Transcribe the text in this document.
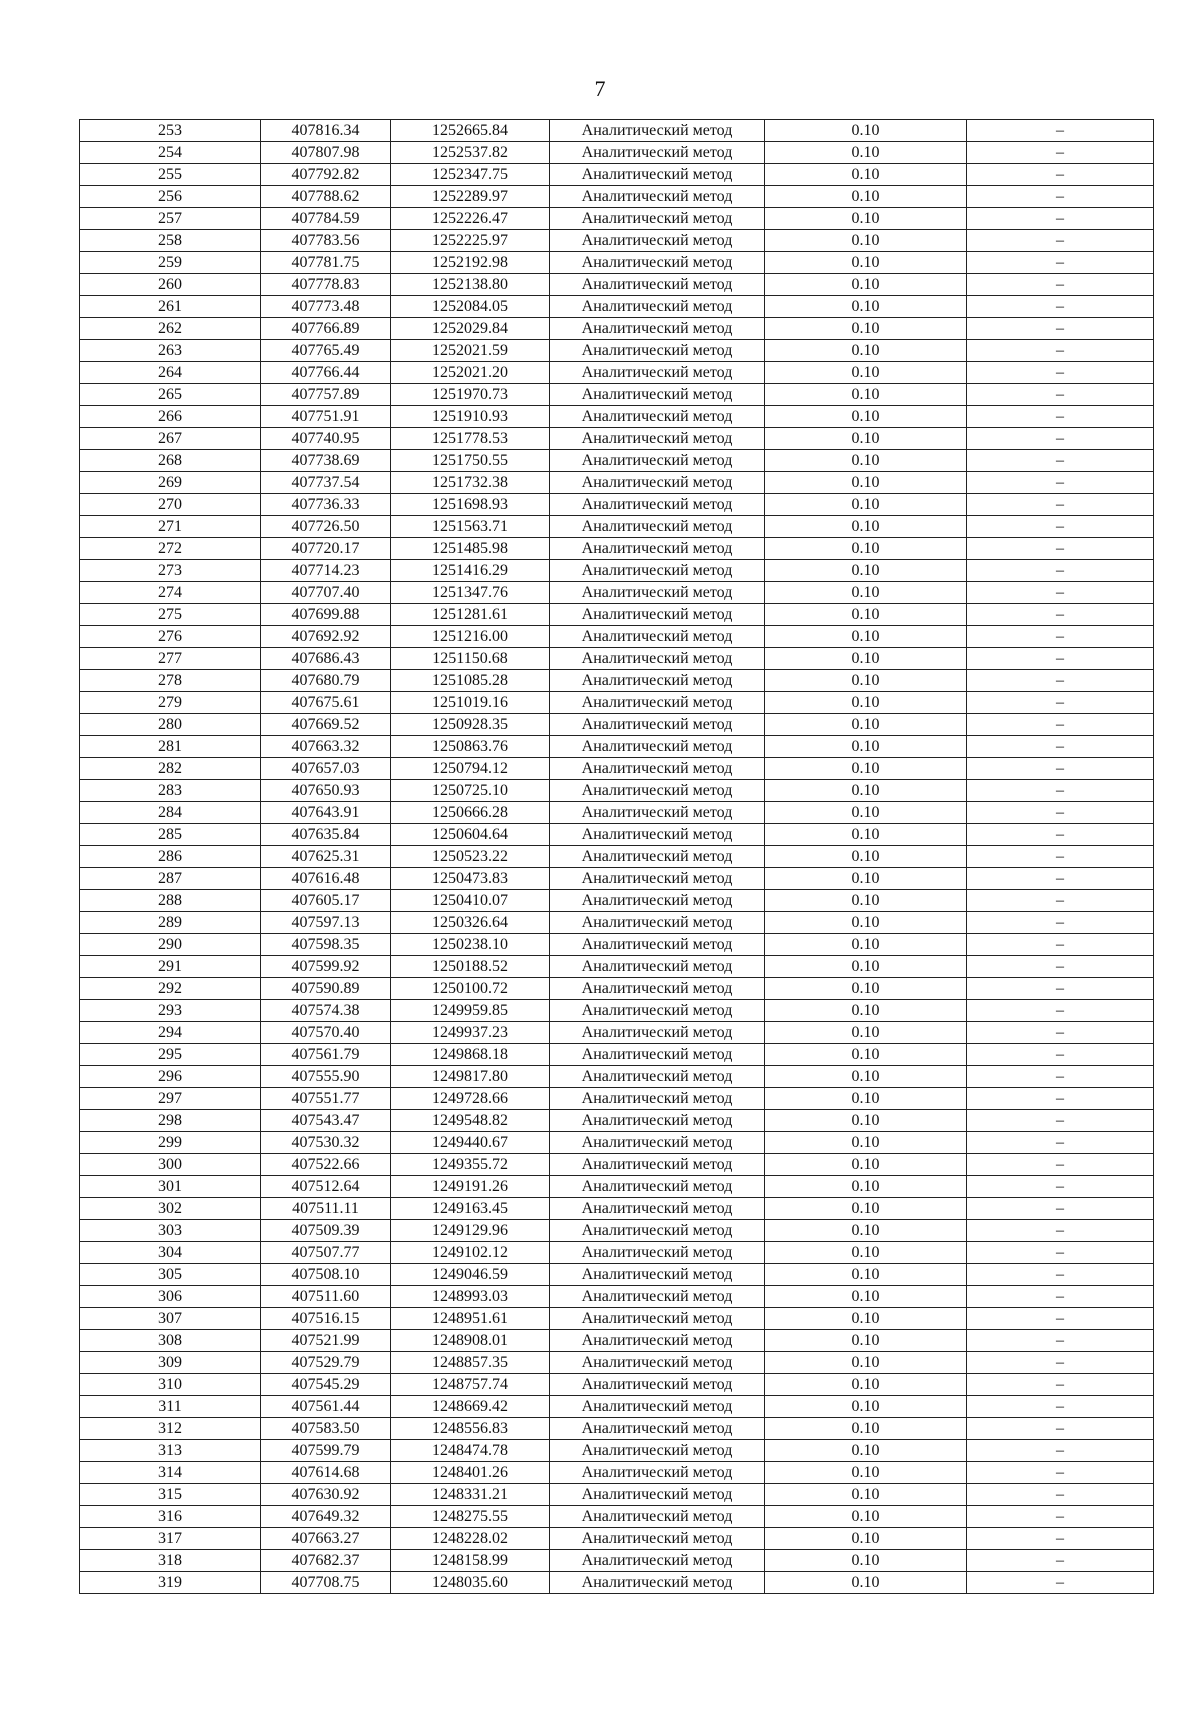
7
253	407816.34	1252665.84	Аналитический метод	0.10	–
254	407807.98	1252537.82	Аналитический метод	0.10	–
255	407792.82	1252347.75	Аналитический метод	0.10	–
256	407788.62	1252289.97	Аналитический метод	0.10	–
257	407784.59	1252226.47	Аналитический метод	0.10	–
258	407783.56	1252225.97	Аналитический метод	0.10	–
259	407781.75	1252192.98	Аналитический метод	0.10	–
260	407778.83	1252138.80	Аналитический метод	0.10	–
261	407773.48	1252084.05	Аналитический метод	0.10	–
262	407766.89	1252029.84	Аналитический метод	0.10	–
263	407765.49	1252021.59	Аналитический метод	0.10	–
264	407766.44	1252021.20	Аналитический метод	0.10	–
265	407757.89	1251970.73	Аналитический метод	0.10	–
266	407751.91	1251910.93	Аналитический метод	0.10	–
267	407740.95	1251778.53	Аналитический метод	0.10	–
268	407738.69	1251750.55	Аналитический метод	0.10	–
269	407737.54	1251732.38	Аналитический метод	0.10	–
270	407736.33	1251698.93	Аналитический метод	0.10	–
271	407726.50	1251563.71	Аналитический метод	0.10	–
272	407720.17	1251485.98	Аналитический метод	0.10	–
273	407714.23	1251416.29	Аналитический метод	0.10	–
274	407707.40	1251347.76	Аналитический метод	0.10	–
275	407699.88	1251281.61	Аналитический метод	0.10	–
276	407692.92	1251216.00	Аналитический метод	0.10	–
277	407686.43	1251150.68	Аналитический метод	0.10	–
278	407680.79	1251085.28	Аналитический метод	0.10	–
279	407675.61	1251019.16	Аналитический метод	0.10	–
280	407669.52	1250928.35	Аналитический метод	0.10	–
281	407663.32	1250863.76	Аналитический метод	0.10	–
282	407657.03	1250794.12	Аналитический метод	0.10	–
283	407650.93	1250725.10	Аналитический метод	0.10	–
284	407643.91	1250666.28	Аналитический метод	0.10	–
285	407635.84	1250604.64	Аналитический метод	0.10	–
286	407625.31	1250523.22	Аналитический метод	0.10	–
287	407616.48	1250473.83	Аналитический метод	0.10	–
288	407605.17	1250410.07	Аналитический метод	0.10	–
289	407597.13	1250326.64	Аналитический метод	0.10	–
290	407598.35	1250238.10	Аналитический метод	0.10	–
291	407599.92	1250188.52	Аналитический метод	0.10	–
292	407590.89	1250100.72	Аналитический метод	0.10	–
293	407574.38	1249959.85	Аналитический метод	0.10	–
294	407570.40	1249937.23	Аналитический метод	0.10	–
295	407561.79	1249868.18	Аналитический метод	0.10	–
296	407555.90	1249817.80	Аналитический метод	0.10	–
297	407551.77	1249728.66	Аналитический метод	0.10	–
298	407543.47	1249548.82	Аналитический метод	0.10	–
299	407530.32	1249440.67	Аналитический метод	0.10	–
300	407522.66	1249355.72	Аналитический метод	0.10	–
301	407512.64	1249191.26	Аналитический метод	0.10	–
302	407511.11	1249163.45	Аналитический метод	0.10	–
303	407509.39	1249129.96	Аналитический метод	0.10	–
304	407507.77	1249102.12	Аналитический метод	0.10	–
305	407508.10	1249046.59	Аналитический метод	0.10	–
306	407511.60	1248993.03	Аналитический метод	0.10	–
307	407516.15	1248951.61	Аналитический метод	0.10	–
308	407521.99	1248908.01	Аналитический метод	0.10	–
309	407529.79	1248857.35	Аналитический метод	0.10	–
310	407545.29	1248757.74	Аналитический метод	0.10	–
311	407561.44	1248669.42	Аналитический метод	0.10	–
312	407583.50	1248556.83	Аналитический метод	0.10	–
313	407599.79	1248474.78	Аналитический метод	0.10	–
314	407614.68	1248401.26	Аналитический метод	0.10	–
315	407630.92	1248331.21	Аналитический метод	0.10	–
316	407649.32	1248275.55	Аналитический метод	0.10	–
317	407663.27	1248228.02	Аналитический метод	0.10	–
318	407682.37	1248158.99	Аналитический метод	0.10	–
319	407708.75	1248035.60	Аналитический метод	0.10	–
